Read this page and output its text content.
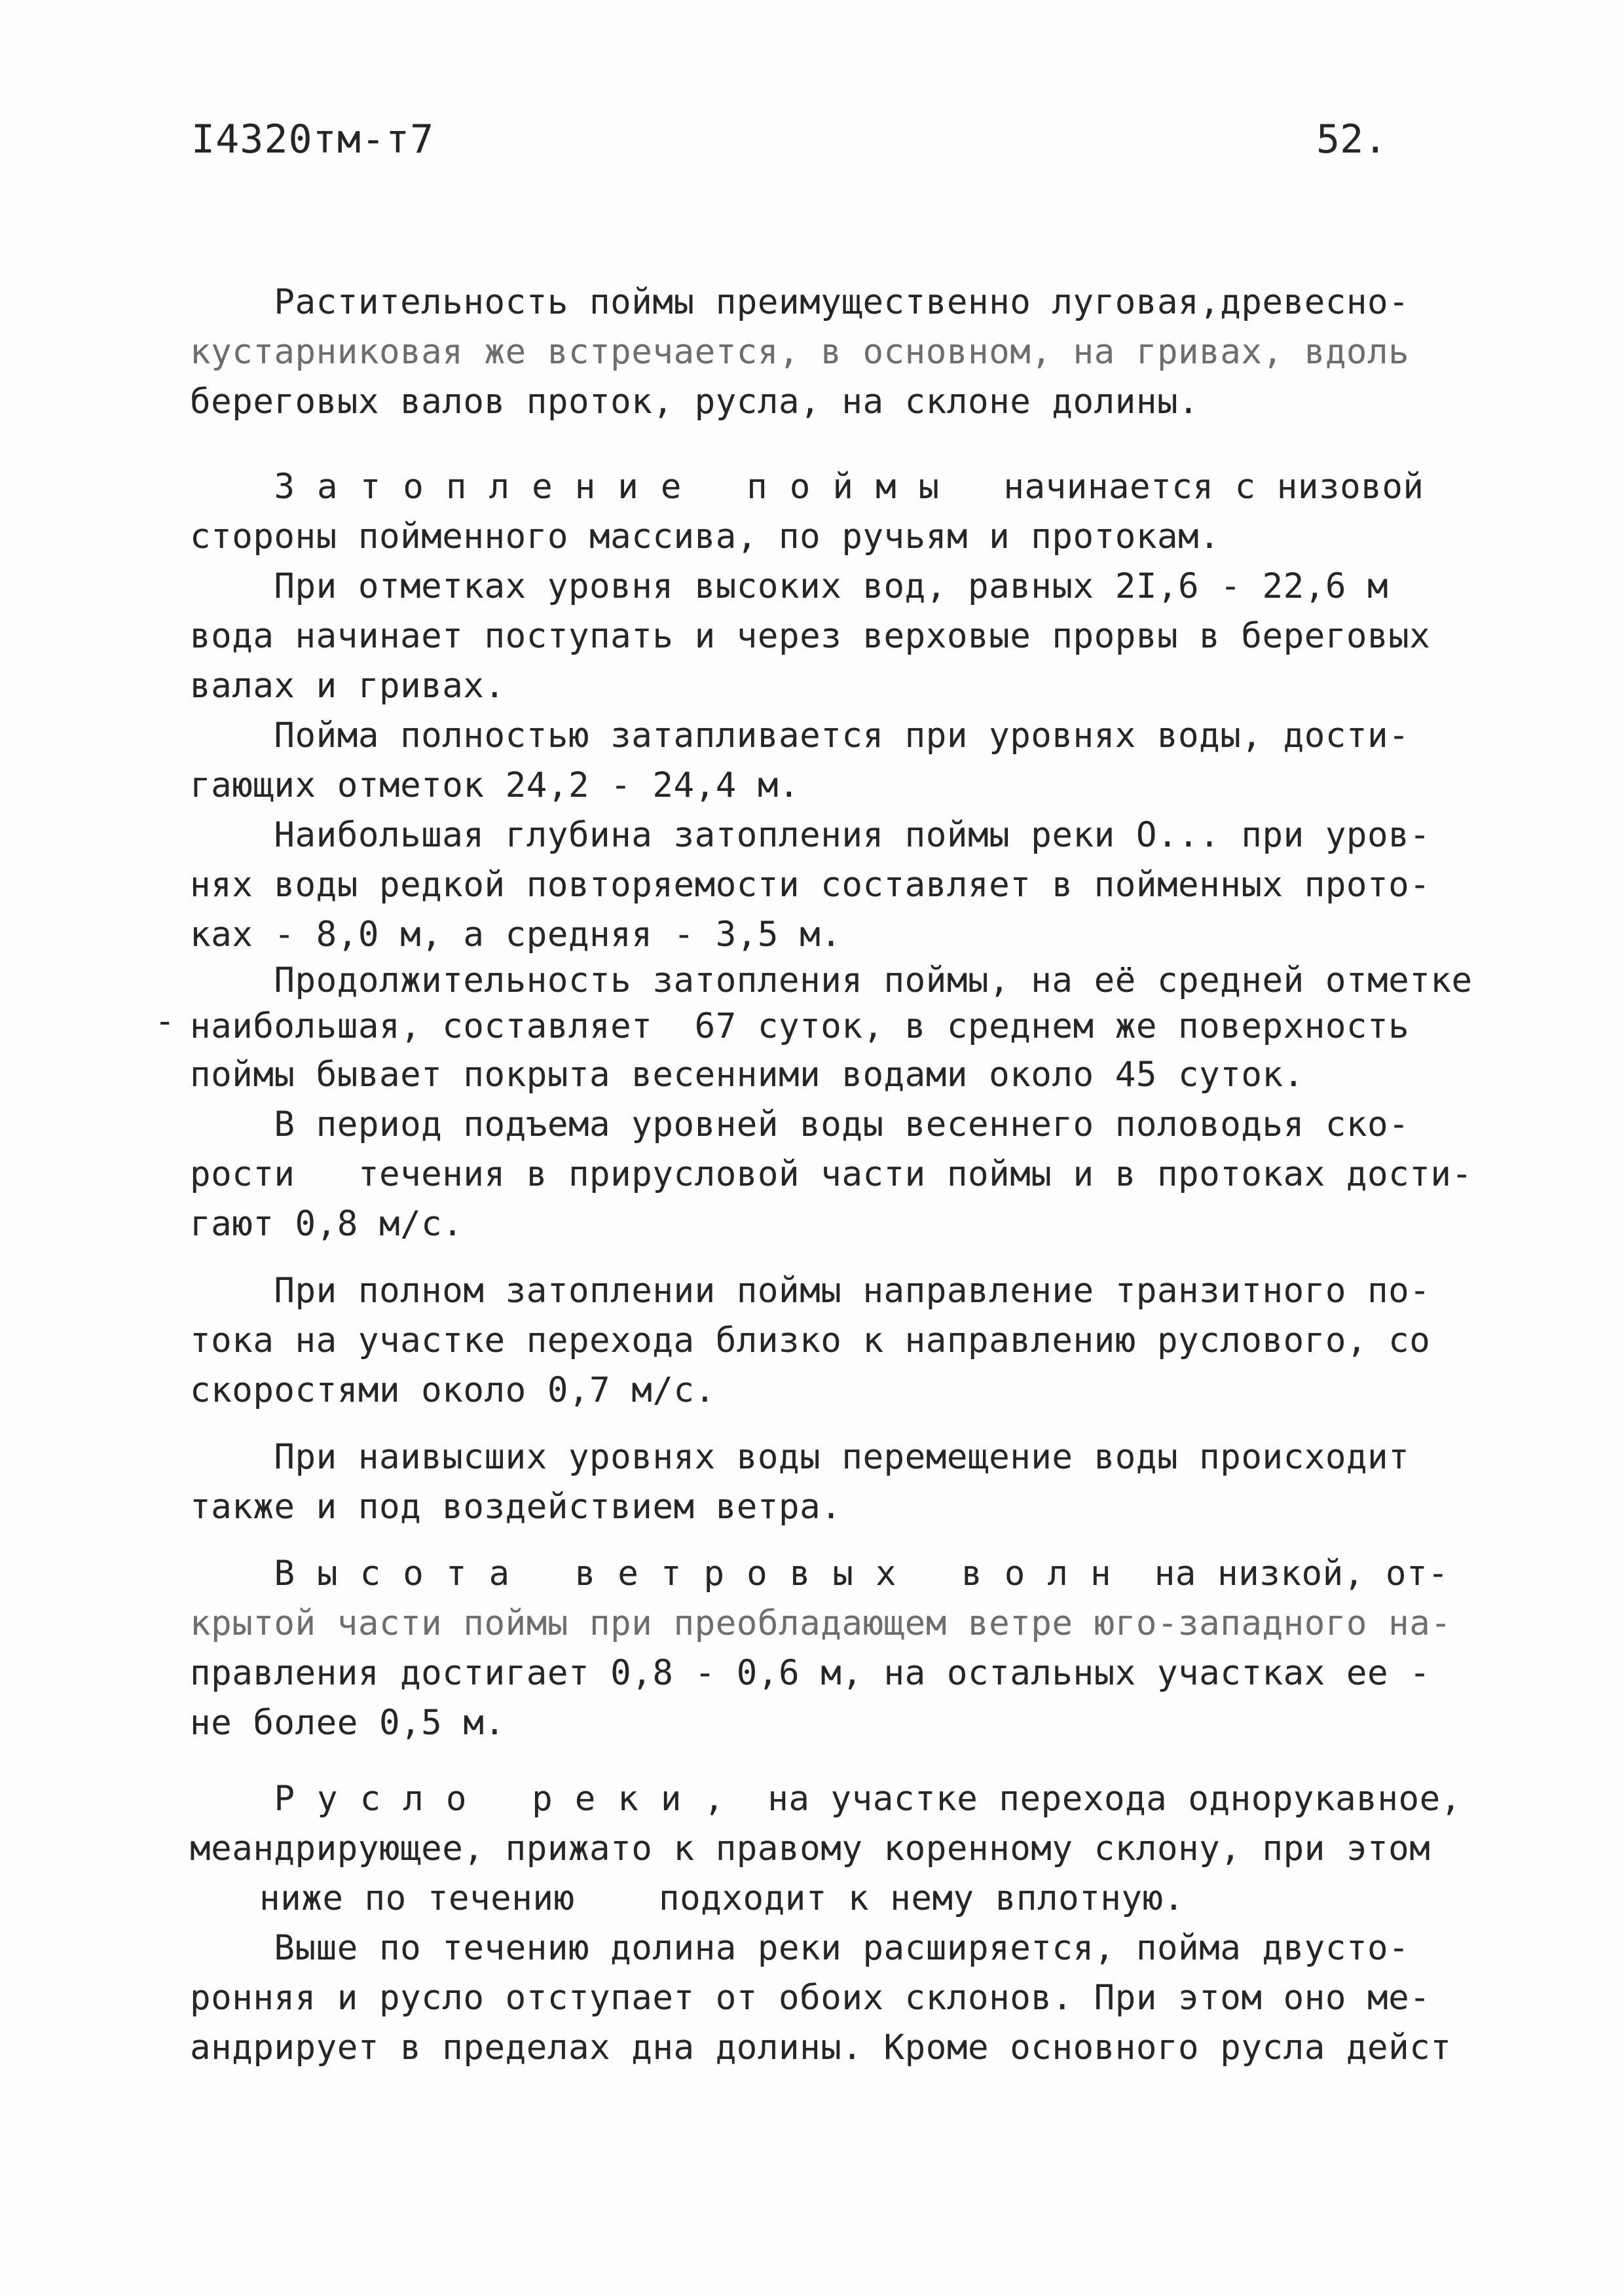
I4320тм-т7	52.
Растительность поймы преимущественно луговая,древесно-
кустарниковая же встречается, в основном, на гривах, вдоль
береговых валов проток, русла, на склоне долины.
Затопление поймы  начинается с низовой
стороны пойменного массива, по ручьям и протокам.
При отметках уровня высоких вод, равных 2I,6 - 22,6 м
вода начинает поступать и через верховые прорвы в береговых
валах и гривах.
Пойма полностью затапливается при уровнях воды, дости-
гающих отметок 24,2 - 24,4 м.
Наибольшая глубина затопления поймы реки О... при уров-
нях воды редкой повторяемости составляет в пойменных прото-
ках - 8,0 м, а средняя - 3,5 м.
Продолжительность затопления поймы, на её средней отметке
- наибольшая, составляет  67 суток, в среднем же поверхность
поймы бывает покрыта весенними водами около 45 суток.
В период подъема уровней воды весеннего половодья ско-
рости   течения в прирусловой части поймы и в протоках дости-
гают 0,8 м/с.
При полном затоплении поймы направление транзитного по-
тока на участке перехода близко к направлению руслового, со
скоростями около 0,7 м/с.
При наивысших уровнях воды перемещение воды происходит
также и под воздействием ветра.
Высота ветровых волн на низкой, от-
крытой части поймы при преобладающем ветре юго-западного на-
правления достигает 0,8 - 0,6 м, на остальных участках ее -
не более 0,5 м.
Русло реки, на участке перехода однорукавное,
меандрирующее, прижато к правому коренному склону, при этом
ниже по течению    подходит к нему вплотную.
Выше по течению долина реки расширяется, пойма двусто-
ронняя и русло отступает от обоих склонов. При этом оно ме-
андрирует в пределах дна долины. Кроме основного русла дейст
